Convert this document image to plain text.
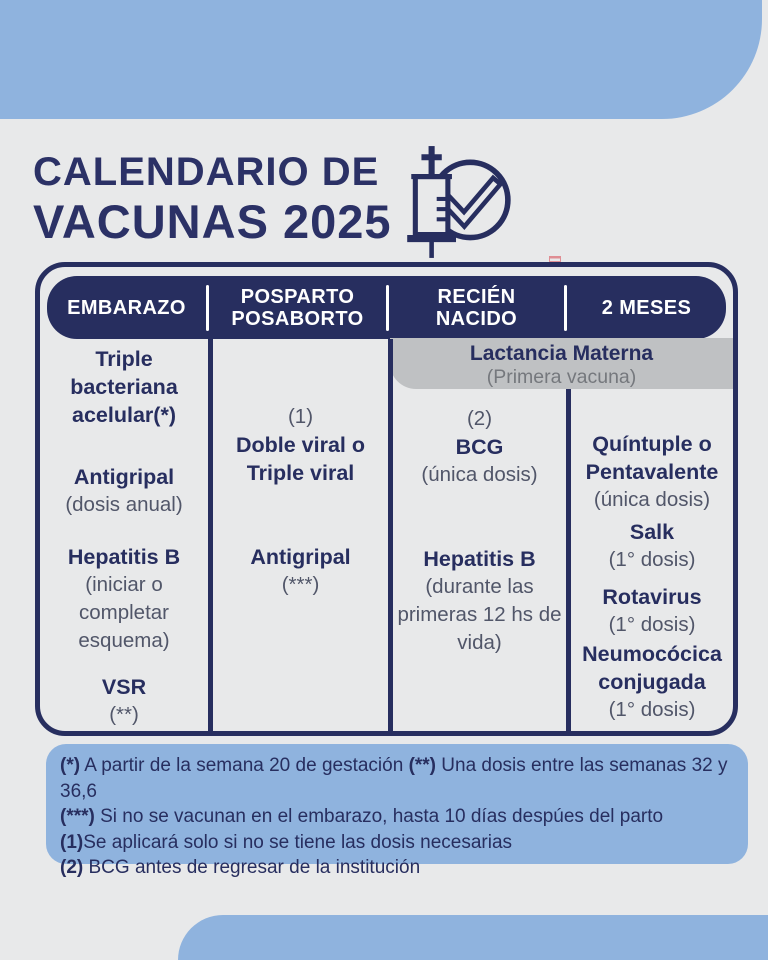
CALENDARIO DE
VACUNAS 2025
EMBARAZO	POSPARTO
POSABORTO
RECIÉN
NACIDO	2 MESES
Lactancia Materna
(Primera vacuna)
Triple bacteriana acelular(*)
Antigripal
(dosis anual)
Hepatitis B
(iniciar o completar esquema)
VSR
(**)
(1)
Doble viral o Triple viral
Antigripal
(***)
(2)
BCG
(única dosis)
Hepatitis B
(durante las primeras 12 hs de vida)
Quíntuple o Pentavalente
(única dosis)
Salk
(1° dosis)
Rotavirus
(1° dosis)
Neumocócica conjugada
(1° dosis)
(*) A partir de la semana 20 de gestación (**) Una dosis entre las semanas 32 y 36,6
(***) Si no se vacunan en el embarazo, hasta 10 días despúes del parto
(1)Se aplicará solo si no se tiene las dosis necesarias
(2) BCG antes de regresar de la institución
